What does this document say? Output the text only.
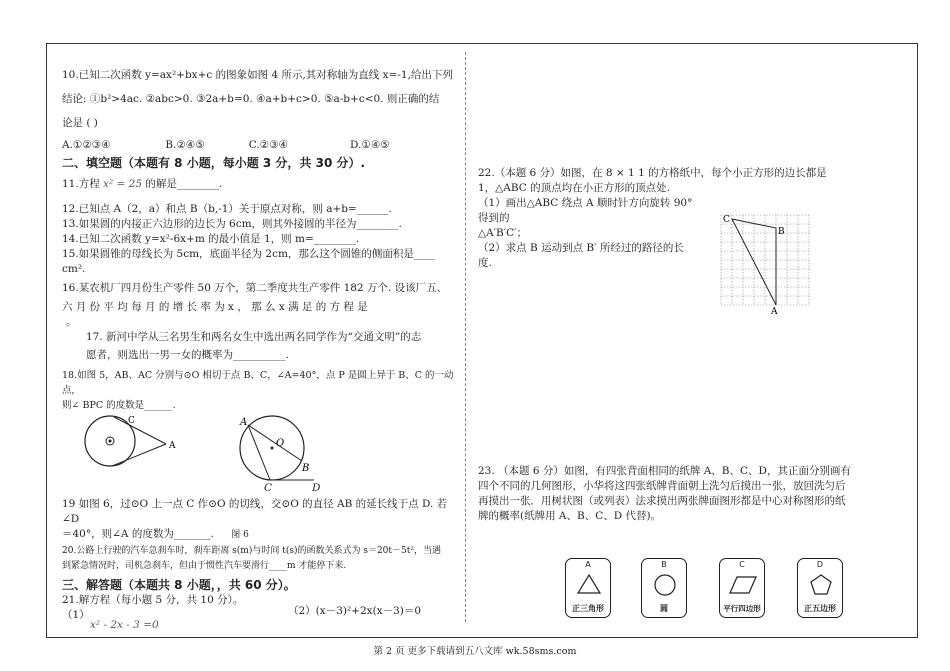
10.已知二次函数 y=ax²+bx+c 的图象如图 4 所示,其对称轴为直线 x=-1,给出下列

结论: ①b²>4ac. ②abc>0. ③2a+b=0. ④a+b+c>0. ⑤a-b+c<0. 则正确的结

论是 ( )

A.①②③④	B.②④⑤	C.②③④	D.①④⑤

二、填空题（本题有 8 小题，每小题 3 分，共 30 分）.

11.方程 x² = 25 的解是________.

12.已知点 A（2，a）和点 B（b,-1）关于原点对称，则 a+b=______.

13.如果圆的内接正六边形的边长为 6cm，则其外接圆的半径为________.

14.已知二次函数 y=x²-6x+m 的最小值是 1，则 m=________.

15.如果圆锥的母线长为 5cm，底面半径为 2cm，那么这个圆锥的侧面积是____

cm².

16.某农机厂四月份生产零件 50 万个，第二季度共生产零件 182 万个. 设该厂五、

六 月 份 平 均 每 月 的 增 长 率 为 x ， 那 么 x 满 足 的 方 程 是

。

17. 新河中学从三名男生和两名女生中选出两名同学作为“交通文明”的志

愿者，则选出一男一女的概率为__________.

18.如图 5，AB、AC 分别与⊙O 相切于点 B、C，∠A=40°，点 P 是圆上异于 B、C 的一动点,

则∠ BPC 的度数是______.

C
A
A
O
B
C	D

19 如图 6，过⊙O 上一点 C 作⊙O 的切线，交⊙O 的直径 AB 的延长线于点 D. 若∠D

＝40°，则∠A 的度数为_______. 图 6

20.公路上行驶的汽车急刹车时，刹车距离 s(m)与时间 t(s)的函数关系式为 s＝20t－5t²，当遇

到紧急情况时，司机急刹车，但由于惯性汽车要滑行____m 才能停下来.

三、解答题（本题共 8 小题，，共 60 分）。

21.解方程（每小题 5 分，共 10 分）。

（1）

x² - 2x - 3 =0
（2）(x－3)²+2x(x－3)＝0

22.（本题 6 分）如图，在 8 × 1 1 的方格纸中，每个小正方形的边长都是

1，△ABC 的顶点均在小正方形的顶点处.

（1）画出△ABC 绕点 A 顺时针方向旋转 90°

得到的

△A′B′C′；

（2）求点 B 运动到点 B′ 所经过的路径的长

度.

C
B
A

23. （本题 6 分）如图，有四张背面相同的纸牌 A、B、C、D，其正面分别画有

四个不同的几何图形，小华将这四张纸牌背面朝上洗匀后摸出一张，放回洗匀后

再摸出一张．用树状图（或列表）法求摸出两张牌面图形都是中心对称图形的纸

牌的概率(纸牌用 A、B、C、D 代替)。

A
正三角形
B
圆
C
平行四边形
D
正五边形
第 2 页 更多下载请到五八文库 wk.58sms.com
